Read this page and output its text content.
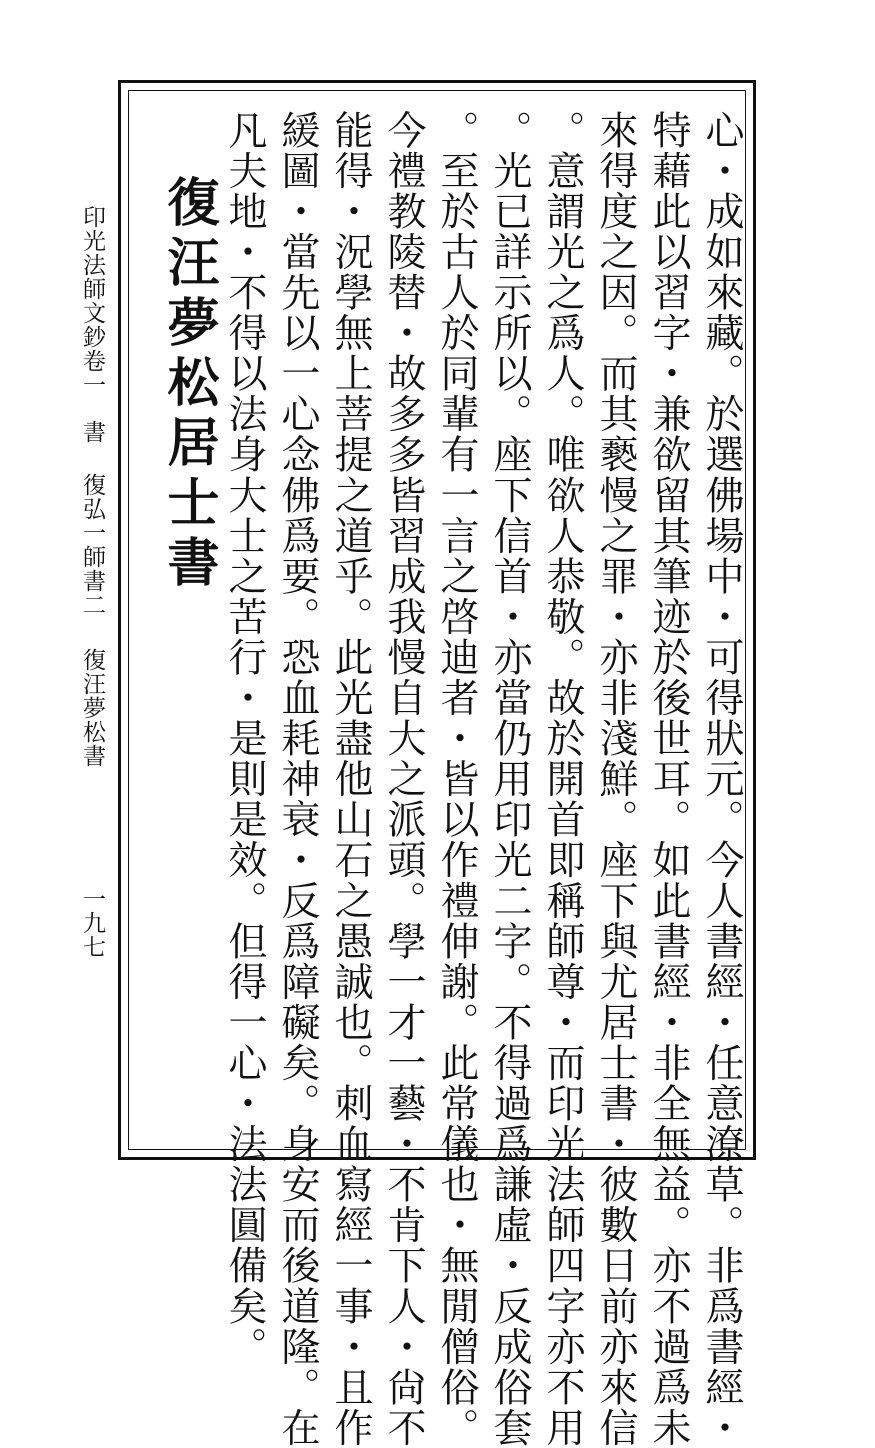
復汪夢松居士書	心・成如來藏。於選佛場中・可得狀元。今人書經・任意潦草。非爲書經・
特藉此以習字・兼欲留其筆迹於後世耳。如此書經・非全無益。亦不過爲未
來得度之因。而其褻慢之罪・亦非淺鮮。座下與尤居士書・彼數日前亦來信
。意謂光之爲人。唯欲人恭敬。故於開首即稱師尊・而印光法師四字亦不用
。光已詳示所以。座下信首・亦當仍用印光二字。不得過爲謙虛・反成俗套
。至於古人於同輩有一言之啓迪者・皆以作禮伸謝。此常儀也・無閒僧俗。
今禮教陵替・故多多皆習成我慢自大之派頭。學一才一藝・不肯下人・尙不
能得・況學無上菩提之道乎。此光盡他山石之愚誠也。刺血寫經一事・且作
緩圖・當先以一心念佛爲要。恐血耗神衰・反爲障礙矣。身安而後道隆。在
凡夫地・不得以法身大士之苦行・是則是效。但得一心・法法圓備矣。
印光法師文鈔卷一
書
復弘一師書二
復汪夢松書
一九七
